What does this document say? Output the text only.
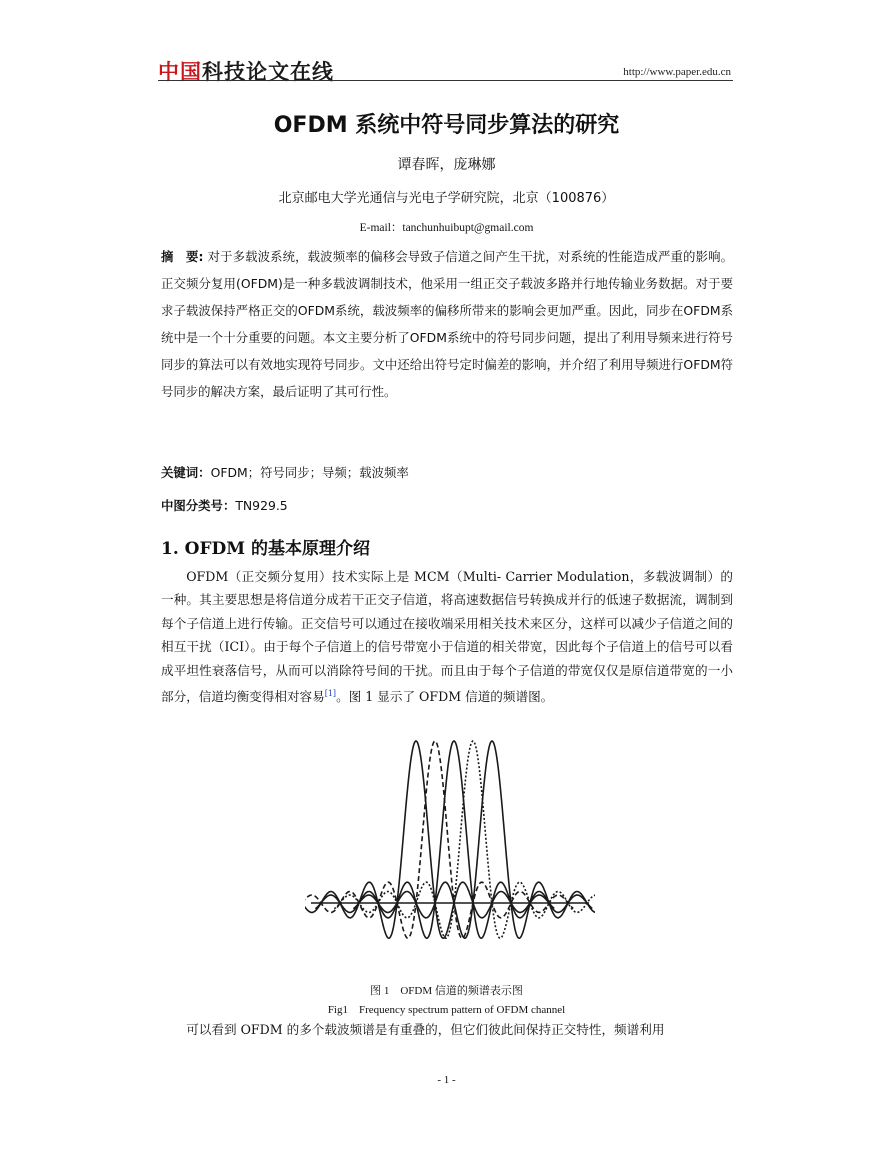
中国科技论文在线	http://www.paper.edu.cn
OFDM 系统中符号同步算法的研究
谭春晖，庞琳娜
北京邮电大学光通信与光电子学研究院，北京（100876）
E-mail：tanchunhuibupt@gmail.com
摘　要: 对于多载波系统，载波频率的偏移会导致子信道之间产生干扰，对系统的性能造成严重的影响。正交频分复用(OFDM)是一种多载波调制技术，他采用一组正交子载波多路并行地传输业务数据。对于要求子载波保持严格正交的OFDM系统，载波频率的偏移所带来的影响会更加严重。因此，同步在OFDM系统中是一个十分重要的问题。本文主要分析了OFDM系统中的符号同步问题，提出了利用导频来进行符号同步的算法可以有效地实现符号同步。文中还给出符号定时偏差的影响，并介绍了利用导频进行OFDM符号同步的解决方案，最后证明了其可行性。
关键词：OFDM；符号同步；导频；载波频率
中图分类号：TN929.5
1. OFDM 的基本原理介绍
OFDM（正交频分复用）技术实际上是 MCM（Multi- Carrier Modulation，多载波调制）的一种。其主要思想是将信道分成若干正交子信道，将高速数据信号转换成并行的低速子数据流，调制到每个子信道上进行传输。正交信号可以通过在接收端采用相关技术来区分，这样可以减少子信道之间的相互干扰（ICI）。由于每个子信道上的信号带宽小于信道的相关带宽，因此每个子信道上的信号可以看成平坦性衰落信号，从而可以消除符号间的干扰。而且由于每个子信道的带宽仅仅是原信道带宽的一小部分，信道均衡变得相对容易[1]。图 1 显示了 OFDM 信道的频谱图。
图 1　OFDM 信道的频谱表示图
Fig1　Frequency spectrum pattern of OFDM channel
可以看到 OFDM 的多个载波频谱是有重叠的，但它们彼此间保持正交特性，频谱利用
- 1 -
